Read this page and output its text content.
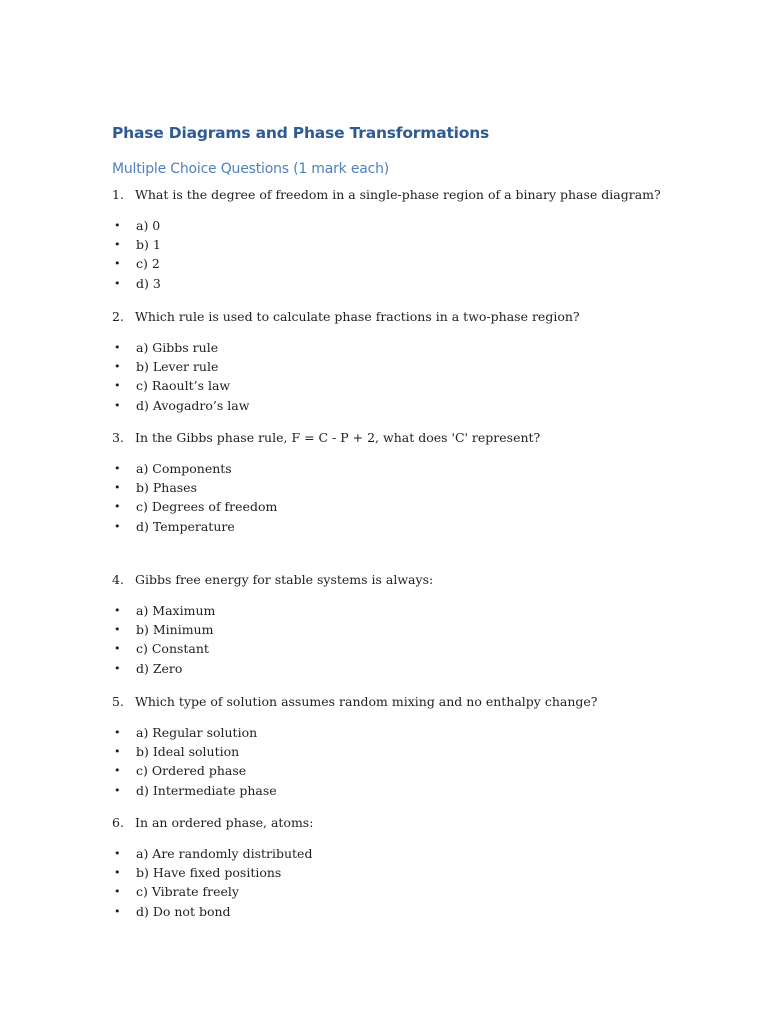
Phase Diagrams and Phase Transformations
Multiple Choice Questions (1 mark each)
1. What is the degree of freedom in a single-phase region of a binary phase diagram?
• a) 0
• b) 1
• c) 2
• d) 3
2. Which rule is used to calculate phase fractions in a two-phase region?
• a) Gibbs rule
• b) Lever rule
• c) Raoult’s law
• d) Avogadro’s law
3. In the Gibbs phase rule, F = C - P + 2, what does 'C' represent?
• a) Components
• b) Phases
• c) Degrees of freedom
• d) Temperature
4. Gibbs free energy for stable systems is always:
• a) Maximum
• b) Minimum
• c) Constant
• d) Zero
5. Which type of solution assumes random mixing and no enthalpy change?
• a) Regular solution
• b) Ideal solution
• c) Ordered phase
• d) Intermediate phase
6. In an ordered phase, atoms:
• a) Are randomly distributed
• b) Have fixed positions
• c) Vibrate freely
• d) Do not bond
